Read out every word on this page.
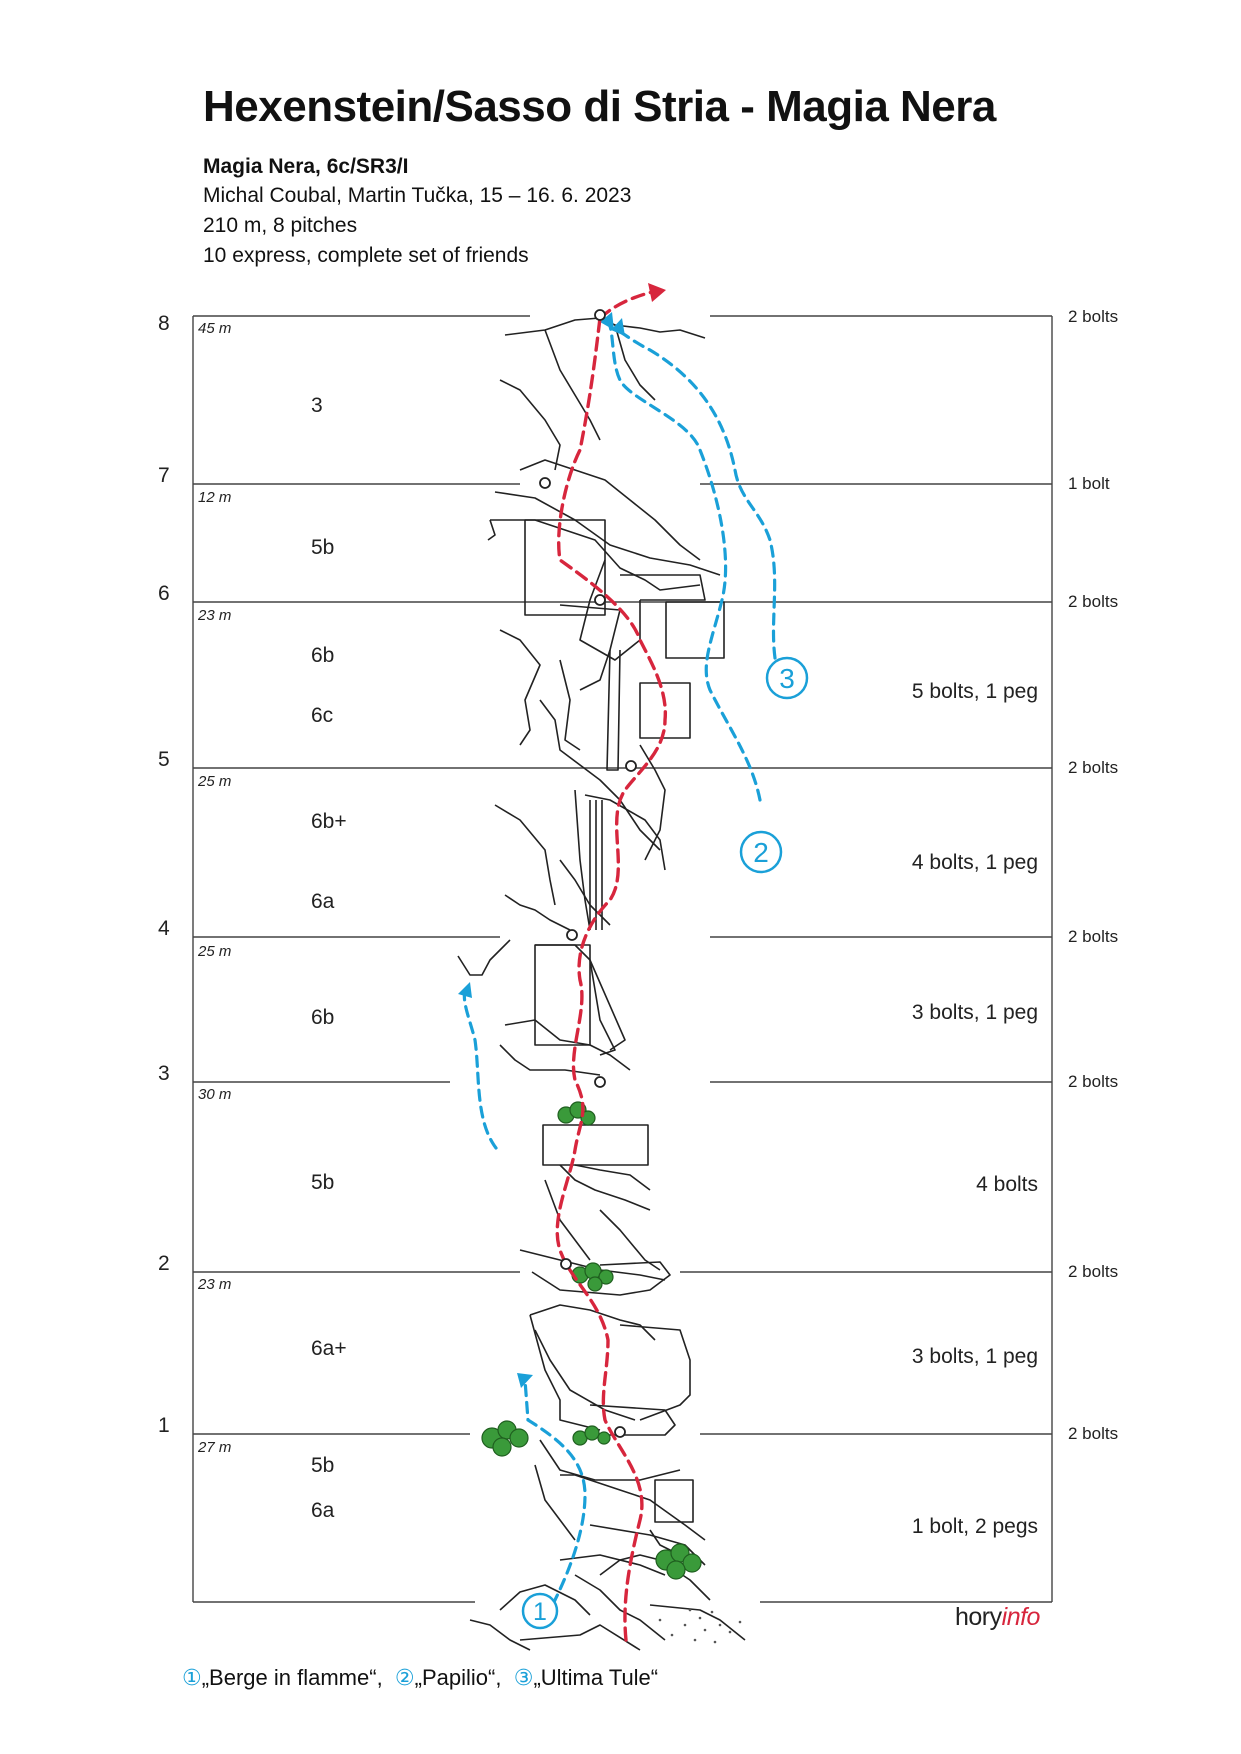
Hexenstein/Sasso di Stria - Magia Nera
Magia Nera, 6c/SR3/I
Michal Coubal, Martin Tučka, 15 – 16. 6. 2023
210 m, 8 pitches
10 express, complete set of friends
1
2
3
1
2
3
4
5
6
7
8
27 m
23 m
30 m
25 m
25 m
23 m
12 m
45 m
2 bolts
2 bolts
2 bolts
2 bolts
2 bolts
2 bolts
1 bolt
2 bolts
5b
6a
6a+
5b
6b
6a
6b+
6c
6b
5b
3
1 bolt, 2 pegs
3 bolts, 1 peg
4 bolts
3 bolts, 1 peg
4 bolts, 1 peg
5 bolts, 1 peg
horyinfo
①„Berge in flamme“, ②„Papilio“, ③„Ultima Tule“
